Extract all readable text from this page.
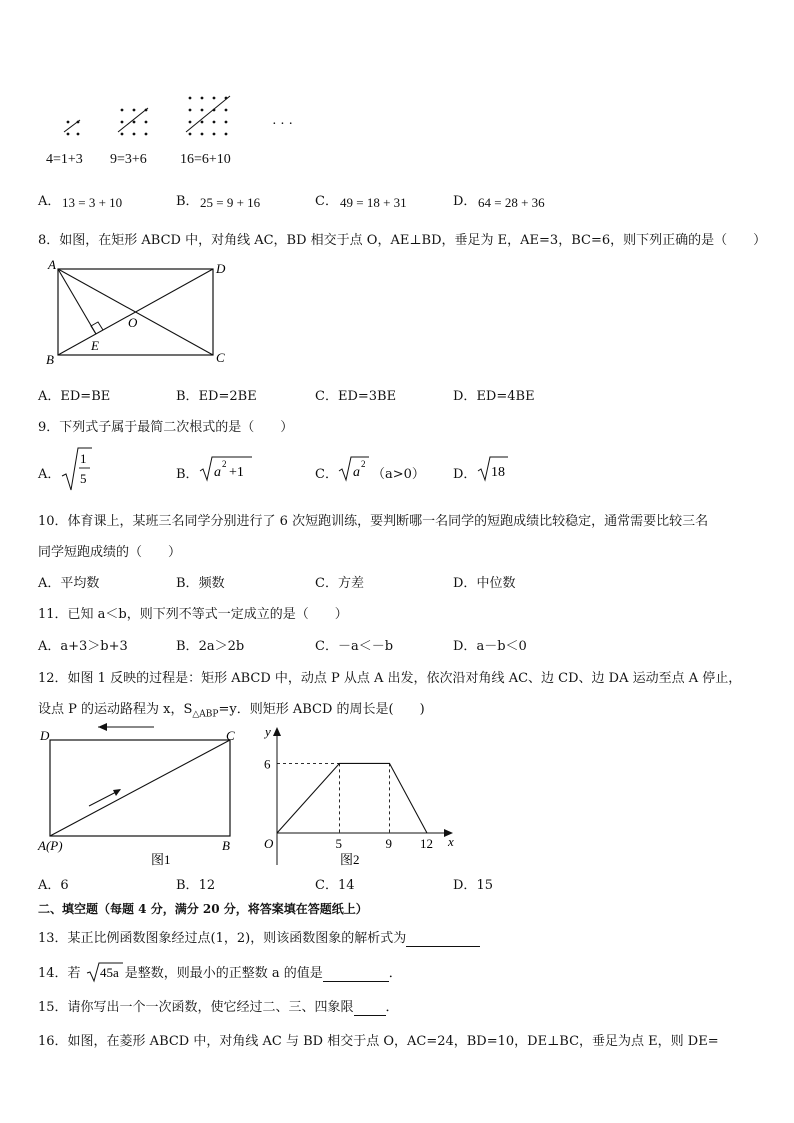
· · ·
4=1+3 9=3+6 16=6+10
A． 13 = 3 + 10	B． 25 = 9 + 16	C． 49 = 18 + 31	D． 64 = 28 + 36
8．如图，在矩形 ABCD 中，对角线 AC，BD 相交于点 O，AE⊥BD，垂足为 E，AE=3，BC=6，则下列正确的是（　　）
A	D
B	C
O
E
A．ED=BE	B．ED=2BE	C．ED=3BE	D．ED=4BE
9．下列式子属于最简二次根式的是（　　）
A．
1
5	B． a
2
+1	C． a
2
（a>0） D． 18
10．体育课上，某班三名同学分别进行了 6 次短跑训练，要判断哪一名同学的短跑成绩比较稳定，通常需要比较三名
同学短跑成绩的（　　）
A．平均数	B．频数	C．方差	D．中位数
11．已知 a＜b，则下列不等式一定成立的是（　　）
A．a+3＞b+3	B．2a＞2b	C．－a＜－b	D．a－b＜0
12．如图 1 反映的过程是：矩形 ABCD 中，动点 P 从点 A 出发，依次沿对角线 AC、边 CD、边 DA 运动至点 A 停止，
设点 P 的运动路程为 x，$S_{\triangle ABP}=y$．则矩形 ABCD 的周长是(　　)
D	C
A(P)	B
图1
y
x
O
6
5	9 12
图2
A．6	B．12	C．14	D．15
二、填空题（每题 4 分，满分 20 分，将答案填在答题纸上）
13．某正比例函数图象经过点(1，2)，则该函数图象的解析式为
14．若 45a 是整数，则最小的正整数 a 的值是	．
15．请你写出一个一次函数，使它经过二、三、四象限 ．
16．如图，在菱形 ABCD 中，对角线 AC 与 BD 相交于点 O，AC=24，BD=10，DE⊥BC，垂足为点 E，则 DE=
